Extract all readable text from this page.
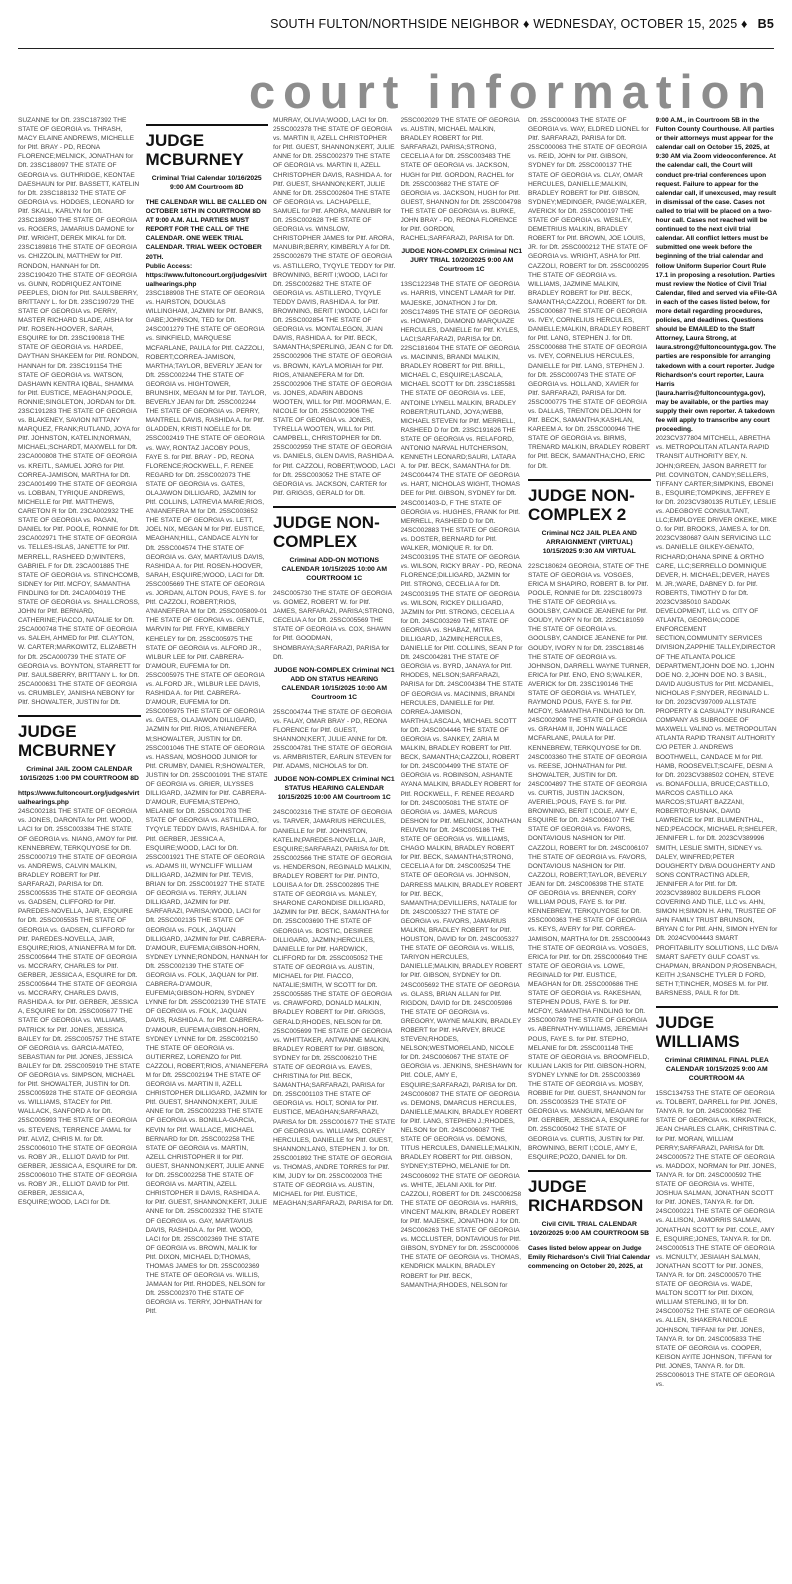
SOUTH FULTON/NORTHSIDE NEIGHBOR ♦ WEDNESDAY, OCTOBER 15, 2025 ♦ B5
court information

SUZANNE for Dft. 23SC187392 THE STATE OF GEORGIA vs. THRASH, MACY ELAINE ANDREWS, MICHELLE for Pltf. BRAY - PD, REONA FLORENCE;MELNICK, JONATHAN for Dft. 23SC188097 THE STATE OF GEORGIA vs. GUTHRIDGE, KEONTAE DAESHAUN for Pltf. BASSETT, KATELIN for Dft. 23SC188132 THE STATE OF GEORGIA vs. HODGES, LEONARD for Pltf. SKALL, KARLYN for Dft. 23SC189360 THE STATE OF GEORGIA vs. ROGERS, JAMARIUS DAMONE for Pltf. WRIGHT, DEREK MIKAL for Dft. 23SC189816 THE STATE OF GEORGIA vs. CHIZZOLIN, MATTHEW for Pltf. RONDON, HANNAH for Dft. 23SC190420 THE STATE OF GEORGIA vs. GUNN, RODRIQUEZ ANTOINE PEEPLES, DION for Pltf. SAULSBERRY, BRITTANY L. for Dft. 23SC190729 THE STATE OF GEORGIA vs. PERRY, MASTER RICHARD SLADE, AISHA for Pltf. ROSEN-HOOVER, SARAH, ESQUIRE for Dft. 23SC190818 THE STATE OF GEORGIA vs. HARDEE, DAYTHAN SHAKEEM for Pltf. RONDON, HANNAH for Dft. 23SC191154 THE STATE OF GEORGIA vs. WATSON, DASHAWN KENTRA IQBAL, SHAMMA for Pltf. EUSTICE, MEAGHAN;POOLE, RONNIE;SINGLETON, JORDAN for Dft. 23SC191283 THE STATE OF GEORGIA vs. BLAKENEY, SAVION NITTANY MARQUEZ, FRANK;RUTLAND, JOYA for Pltf. JOHNSTON, KATELIN;NORMAN, MICHAEL;SCHARDT, MAXWELL for Dft. 23CA000808 THE STATE OF GEORGIA vs. KREITL, SAMUEL JORG for Pltf. CORREA-JAMISON, MARTHA for Dft. 23CA001499 THE STATE OF GEORGIA vs. LOBBAN, TYRIQUE ANDREWS, MICHELLE for Pltf. MATTHEWS, CARETON R for Dft. 23CA002932 THE STATE OF GEORGIA vs. PAGAN, DANIEL for Pltf. POOLE, RONNIE for Dft. 23CA002971 THE STATE OF GEORGIA vs. TELLES-ISLAS, JANETTE for Pltf. MERRELL, RASHEED D;WINTERS, GABRIEL F for Dft. 23CA001885 THE STATE OF GEORGIA vs. STINCHCOMB, SIDNEY for Pltf. MCFOY, SAMANTHA FINDLING for Dft. 24CA004019 THE STATE OF GEORGIA vs. SHALLCROSS, JOHN for Pltf. BERNARD, CATHERINE;FIACCO, NATALIE for Dft. 25CA000748 THE STATE OF GEORGIA vs. SALEH, AHMED for Pltf. CLAYTON, W. CARTER;MARKOWITZ, ELIZABETH for Dft. 25CA000739 THE STATE OF GEORGIA vs. BOYNTON, STARRETT for Pltf. SAULSBERRY, BRITTANY L. for Dft. 25CA000631 THE STATE OF GEORGIA vs. CRUMBLEY, JANISHA NEBONY for Pltf. SHOWALTER, JUSTIN for Dft.

JUDGE MCBURNEY
Criminal JAIL ZOOM CALENDAR 10/15/2025 1:00 PM COURTROOM 8D

https://www.fultoncourt.org/judges/virtualhearings.php

24SC002181 THE STATE OF GEORGIA vs. JONES, DARONTA for Pltf. WOOD, LACI for Dft. 25SC003384 THE STATE OF GEORGIA vs. NIANG, AMOY for Pltf. KENNEBREW, TERKQUYOSE for Dft. 25SC000719 THE STATE OF GEORGIA vs. ANDREWS, CALVIN MALKIN, BRADLEY ROBERT for Pltf. SARFARAZI, PARISA for Dft. 25SC005535 THE STATE OF GEORGIA vs. GADSEN, CLIFFORD for Pltf. PAREDES-NOVELLA, JAIR, ESQUIRE for Dft. 25SC005535 THE STATE OF GEORGIA vs. GADSEN, CLIFFORD for Pltf. PAREDES-NOVELLA, JAIR, ESQUIRE;RIOS, A'NIANEFRA M for Dft. 25SC005644 THE STATE OF GEORGIA vs. MCCRARY, CHARLES for Pltf. GERBER, JESSICA A, ESQUIRE for Dft. 25SC005644 THE STATE OF GEORGIA vs. MCCRARY, CHARLES DAVIS, RASHIDA A. for Pltf. GERBER, JESSICA A, ESQUIRE for Dft. 25SC005677 THE STATE OF GEORGIA vs. WILLIAMS, PATRICK for Pltf. JONES, JESSICA BAILEY for Dft. 25SC005757 THE STATE OF GEORGIA vs. GARCIA-MATEO, SEBASTIAN for Pltf. JONES, JESSICA BAILEY for Dft. 25SC005919 THE STATE OF GEORGIA vs. SIMPSON, MICHAEL for Pltf. SHOWALTER, JUSTIN for Dft. 25SC005928 THE STATE OF GEORGIA vs. WILLIAMS, STACEY for Pltf. WALLACK, SANFORD A for Dft. 25SC005993 THE STATE OF GEORGIA vs. STEVENS, TERRENCE JAMAL for Pltf. ALVIZ, CHRIS M. for Dft. 25SC006010 THE STATE OF GEORGIA vs. ROBY JR., ELLIOT DAVID for Pltf. GERBER, JESSICA A, ESQUIRE for Dft. 25SC006010 THE STATE OF GEORGIA vs. ROBY JR., ELLIOT DAVID for Pltf. GERBER, JESSICA A, ESQUIRE;WOOD, LACI for Dft.

JUDGE MCBURNEY
Criminal Trial Calendar 10/16/2025 9:00 AM Courtroom 8D

THE CALENDAR WILL BE CALLED ON OCTOBER 16TH IN COURTROOM 8D AT 9:00 A.M. ALL PARTIES MUST REPORT FOR THE CALL OF THE CALENDAR. ONE WEEK TRIAL CALENDAR. TRIAL WEEK OCTOBER 20TH.

Public Access: https://www.fultoncourt.org/judges/virtualhearings.php

23SC188908 THE STATE OF GEORGIA vs. HAIRSTON, DOUGLAS WILLINGHAM, JAZMIN for Pltf. BANKS, GABE;JOHNSON, TED for Dft. 24SC001279 THE STATE OF GEORGIA vs. SINKFIELD, MARQUESE MCFARLANE, PAULA for Pltf. CAZZOLI, ROBERT;CORREA-JAMISON, MARTHA;TAYLOR, BEVERLY JEAN for Dft. 25SC002244 THE STATE OF GEORGIA vs. HIGHTOWER, BRUNSHIX, MEGAN M for Pltf. TAYLOR, BEVERLY JEAN for Dft. 25SC002244 THE STATE OF GEORGIA vs. PERRY, MANTRELL DAVIS, RASHIDA A. for Pltf. GLADDEN, KRISTI NOELLE for Dft. 25SC002419 THE STATE OF GEORGIA vs. WAY, RONTAZ JACOBY POUS, FAYE S. for Pltf. BRAY - PD, REONA FLORENCE;ROCKWELL, F. RENEE REGARD for Dft. 25SC002073 THE STATE OF GEORGIA vs. GATES, OLAJAWON DILLIGARD, JAZMIN for Pltf. COLLINS, LATREVIA MARIE;RIOS, A'NIANEFERA M for Dft. 25SC003652 THE STATE OF GEORGIA vs. LETT, JOEL NIX, MEGAN M for Pltf. EUSTICE, MEAGHAN;HILL, CANDACE ALYN for Dft. 25SC004574 THE STATE OF GEORGIA vs. GAY, MARTAVIUS DAVIS, RASHIDA A. for Pltf. ROSEN-HOOVER, SARAH, ESQUIRE;WOOD, LACI for Dft. 25SC005669 THE STATE OF GEORGIA vs. JORDAN, ALTON POUS, FAYE S. for Pltf. CAZZOLI, ROBERT;RIOS, A'NIANEFERA M for Dft. 25SC005809-01 THE STATE OF GEORGIA vs. GENTLE, MARVIN for Pltf. FRYE, KIMBERLY KEHELEY for Dft. 25SC005975 THE STATE OF GEORGIA vs. ALFORD JR., WILBUR LEE for Pltf. CABRERA-D'AMOUR, EUFEMIA for Dft. 25SC005975 THE STATE OF GEORGIA vs. ALFORD JR., WILBUR LEE DAVIS, RASHIDA A. for Pltf. CABRERA-D'AMOUR, EUFEMIA for Dft. 25SC005975 THE STATE OF GEORGIA vs. GATES, OLAJAWON DILLIGARD, JAZMIN for Pltf. RIOS, A'NIANEFERA M;SHOWALTER, JUSTIN for Dft. 25SC001046 THE STATE OF GEORGIA vs. HASSAN, MOSHOOD JUNIOR for Pltf. CRUMBY, DANIEL R;SHOWALTER, JUSTIN for Dft. 25SC001091 THE STATE OF GEORGIA vs. GRIER, ULYSSES DILLIGARD, JAZMIN for Pltf. CABRERA-D'AMOUR, EUFEMIA;STEPHO, MELANIE for Dft. 25SC001703 THE STATE OF GEORGIA vs. ASTILLERO, TYQYLE TEDDY DAVIS, RASHIDA A. for Pltf. GERBER, JESSICA A, ESQUIRE;WOOD, LACI for Dft. 25SC001921 THE STATE OF GEORGIA vs. ADAMS III, WYNCLIFF WILLIAM DILLIGARD, JAZMIN for Pltf. TEVIS, BRIAN for Dft. 25SC001927 THE STATE OF GEORGIA vs. TERRY, JULIAN DILLIGARD, JAZMIN for Pltf. SARFARAZI, PARISA;WOOD, LACI for Dft. 25SC002135 THE STATE OF GEORGIA vs. FOLK, JAQUAN DILLIGARD, JAZMIN for Pltf. CABRERA-D'AMOUR, EUFEMIA;GIBSON-HORN, SYDNEY LYNNE;RONDON, HANNAH for Dft. 25SC002139 THE STATE OF GEORGIA vs. FOLK, JAQUAN for Pltf. CABRERA-D'AMOUR, EUFEMIA;GIBSON-HORN, SYDNEY LYNNE for Dft. 25SC002139 THE STATE OF GEORGIA vs. FOLK, JAQUAN DAVIS, RASHIDA A. for Pltf. CABRERA-D'AMOUR, EUFEMIA;GIBSON-HORN, SYDNEY LYNNE for Dft. 25SC002150 THE STATE OF GEORGIA vs. GUTIERREZ, LORENZO for Pltf. CAZZOLI, ROBERT;RIOS, A'NIANEFERA M for Dft. 25SC002194 THE STATE OF GEORGIA vs. MARTIN II, AZELL CHRISTOPHER DILLIGARD, JAZMIN for Pltf. GUEST, SHANNON;KERT, JULIE ANNE for Dft. 25SC002233 THE STATE OF GEORGIA vs. BONILLA-GARCIA, KEVIN for Pltf. WALLACE, MICHAEL BERNARD for Dft. 25SC002258 THE STATE OF GEORGIA vs. MARTIN, AZELL CHRISTOPHER II for Pltf. GUEST, SHANNON;KERT, JULIE ANNE for Dft. 25SC002258 THE STATE OF GEORGIA vs. MARTIN, AZELL CHRISTOPHER II DAVIS, RASHIDA A. for Pltf. GUEST, SHANNON;KERT, JULIE ANNE for Dft. 25SC002332 THE STATE OF GEORGIA vs. GAY, MARTAVIUS DAVIS, RASHIDA A. for Pltf. WOOD, LACI for Dft. 25SC002369 THE STATE OF GEORGIA vs. BROWN, MALIK for Pltf. DIXON, MICHAEL D;THOMAS, THOMAS JAMES for Dft. 25SC002369 THE STATE OF GEORGIA vs. WILLIS, JAMAAN for Pltf. RHODES, NELSON for Dft. 25SC002370 THE STATE OF GEORGIA vs. TERRY, JOHNATHAN for Pltf.

MURRAY, OLIVIA;WOOD, LACI for Dft. 25SC002378 THE STATE OF GEORGIA vs. MARTIN II, AZELL CHRISTOPHER for Pltf. GUEST, SHANNON;KERT, JULIE ANNE for Dft. 25SC002379 THE STATE OF GEORGIA vs. MARTIN II, AZELL CHRISTOPHER DAVIS, RASHIDA A. for Pltf. GUEST, SHANNON;KERT, JULIE ANNE for Dft. 25SC002604 THE STATE OF GEORGIA vs. LACHAPELLE, SAMUEL for Pltf. ARORA, MANUBIR for Dft. 25SC002628 THE STATE OF GEORGIA vs. WINSLOW, CHRISTOPHER JAMES for Pltf. ARORA, MANUBIR;BERRY, KIMBERLY A for Dft. 25SC002679 THE STATE OF GEORGIA vs. ASTILLERO, TYQYLE TEDDY for Pltf. BROWNING, BERIT I;WOOD, LACI for Dft. 25SC002682 THE STATE OF GEORGIA vs. ASTILLERO, TYQYLE TEDDY DAVIS, RASHIDA A. for Pltf. BROWNING, BERIT I;WOOD, LACI for Dft. 25SC002854 THE STATE OF GEORGIA vs. MONTALEGON, JUAN DAVIS, RASHIDA A. for Pltf. BECK, SAMANTHA;SPERLING, JEAN C for Dft. 25SC002906 THE STATE OF GEORGIA vs. BROWN, KAYLA MORIAH for Pltf. RIOS, A'NIANEFERA M for Dft. 25SC002906 THE STATE OF GEORGIA vs. JONES, ADARIN ABDONS WOOTEN, WILL for Pltf. MOORMAN, E. NICOLE for Dft. 25SC002906 THE STATE OF GEORGIA vs. JONES, TYRELLA WOOTEN, WILL for Pltf. CAMPBELL, CHRISTOPHER for Dft. 25SC002959 THE STATE OF GEORGIA vs. DANIELS, GLEN DAVIS, RASHIDA A. for Pltf. CAZZOLI, ROBERT;WOOD, LACI for Dft. 25SC003052 THE STATE OF GEORGIA vs. JACKSON, CARTER for Pltf. GRIGGS, GERALD for Dft.

JUDGE NON-COMPLEX
Criminal ADD-ON MOTIONS CALENDAR 10/15/2025 10:00 AM COURTROOM 1C

24SC005730 THE STATE OF GEORGIA vs. GOMEZ, ROBERT W. for Pltf. JAMES, SARFARAZI, PARISA;STRONG, CECELIA A for Dft. 25SC005569 THE STATE OF GEORGIA vs. COX, SHAWN for Pltf. GOODMAN, SHOMBRAYA;SARFARAZI, PARISA for Dft.

JUDGE NON-COMPLEX Criminal NC1 ADD ON STATUS HEARING CALENDAR 10/15/2025 10:00 AM Courtroom 1C

25SC004744 THE STATE OF GEORGIA vs. FALAY, OMAR BRAY - PD, REONA FLORENCE for Pltf. GUEST, SHANNON;KERT, JULIE ANNE for Dft. 25SC004781 THE STATE OF GEORGIA vs. ARMBRISTER, EARLIN STEVEN for Pltf. ADAMS, NICHOLAS for Dft.

JUDGE NON-COMPLEX Criminal NC1 STATUS HEARING CALENDAR 10/15/2025 10:00 AM Courtroom 1C

24SC002316 THE STATE OF GEORGIA vs. TARVER, JAMARIUS HERCULES, DANIELLE for Pltf. JOHNSTON, KATELIN;PAREDES-NOVELLA, JAIR, ESQUIRE;SARFARAZI, PARISA for Dft. 25SC002566 THE STATE OF GEORGIA vs. HENDERSON, REGINALD MALKIN, BRADLEY ROBERT for Pltf. PINTO, LOUISA A for Dft. 25SC002895 THE STATE OF GEORGIA vs. MANLEY, SHARONE CARONDISE DILLIGARD, JAZMIN for Pltf. BECK, SAMANTHA for Dft. 25SC003690 THE STATE OF GEORGIA vs. BOSTIC, DESIREE DILLIGARD, JAZMIN;HERCULES, DANIELLE for Pltf. HARDWICK, CLIFFORD for Dft. 25SC005052 THE STATE OF GEORGIA vs. AUSTIN, MICHAEL for Pltf. FIACCO, NATALIE;SMITH, W SCOTT for Dft. 25SC005585 THE STATE OF GEORGIA vs. CRAWFORD, DONALD MALKIN, BRADLEY ROBERT for Pltf. GRIGGS, GERALD;RHODES, NELSON for Dft. 25SC005699 THE STATE OF GEORGIA vs. WHITTAKER, ANTWANNE MALKIN, BRADLEY ROBERT for Pltf. GIBSON, SYDNEY for Dft. 25SC006210 THE STATE OF GEORGIA vs. EAVES, CHRISTINA for Pltf. BECK, SAMANTHA;SARFARAZI, PARISA for Dft. 25SC001103 THE STATE OF GEORGIA vs. HOLT, SONIA for Pltf. EUSTICE, MEAGHAN;SARFARAZI, PARISA for Dft. 25SC001677 THE STATE OF GEORGIA vs. WILLIAMS, COREY HERCULES, DANIELLE for Pltf. GUEST, SHANNON;LANG, STEPHEN J. for Dft. 25SC001892 THE STATE OF GEORGIA vs. THOMAS, ANDRE TORRES for Pltf. KIM, JUDY for Dft. 25SC002003 THE STATE OF GEORGIA vs. AUSTIN, MICHAEL for Pltf. EUSTICE, MEAGHAN;SARFARAZI, PARISA for Dft.

25SC002029 THE STATE OF GEORGIA vs. AUSTIN, MICHAEL MALKIN, BRADLEY ROBERT for Pltf. SARFARAZI, PARISA;STRONG, CECELIA A for Dft. 25SC003483 THE STATE OF GEORGIA vs. JACKSON, HUGH for Pltf. GORDON, RACHEL for Dft. 25SC003682 THE STATE OF GEORGIA vs. JACKSON, HUGH for Pltf. GUEST, SHANNON for Dft. 25SC004798 THE STATE OF GEORGIA vs. BURKE, JOHN BRAY - PD, REONA FLORENCE for Pltf. GORDON, RACHEL;SARFARAZI, PARISA for Dft.

JUDGE NON-COMPLEX Criminal NC1 JURY TRIAL 10/20/2025 9:00 AM Courtroom 1C

13SC122348 THE STATE OF GEORGIA vs. HARRIS, VINCENT LAMAR for Pltf. MAJESKE, JONATHON J for Dft. 20SC174895 THE STATE OF GEORGIA vs. HOWARD, DIAMOND MARQUAZE HERCULES, DANIELLE for Pltf. KYLES, LACI;SARFARAZI, PARISA for Dft. 22SC181604 THE STATE OF GEORGIA vs. MACINNIS, BRANDI MALKIN, BRADLEY ROBERT for Pltf. BRILL, MICHAEL C, ESQUIRE;LASCALA, MICHAEL SCOTT for Dft. 23SC185581 THE STATE OF GEORGIA vs. LEE, ANTOINE LYNELL MALKIN, BRADLEY ROBERT;RUTLAND, JOYA;WEBB, MICHAEL STEVEN for Pltf. MERRELL, RASHEED D for Dft. 23SC191626 THE STATE OF GEORGIA vs. RELAFORD, ANTONIO NARVAL HUTCHERSON, KENNETH LEONARD;SAURI, LATARA A. for Pltf. BECK, SAMANTHA for Dft. 24SC004474 THE STATE OF GEORGIA vs. HART, NICHOLAS WIGHT, THOMAS DEE for Pltf. GIBSON, SYDNEY for Dft. 24SC001403-D, F THE STATE OF GEORGIA vs. HUGHES, FRANK for Pltf. MERRELL, RASHEED D for Dft. 24SC002883 THE STATE OF GEORGIA vs. DOSTER, BERNARD for Pltf. WALKER, MONIQUE R. for Dft. 24SC003195 THE STATE OF GEORGIA vs. WILSON, RICKY BRAY - PD, REONA FLORENCE;DILLIGARD, JAZMIN for Pltf. STRONG, CECELIA A for Dft. 24SC003195 THE STATE OF GEORGIA vs. WILSON, RICKEY DILLIGARD, JAZMIN for Pltf. STRONG, CECELIA A for Dft. 24SC003269 THE STATE OF GEORGIA vs. SHABAZ, MITRA DILLIGARD, JAZMIN;HERCULES, DANIELLE for Pltf. COLLINS, SEAN P for Dft. 24SC004281 THE STATE OF GEORGIA vs. BYRD, JANAYA for Pltf. RHODES, NELSON;SARFARAZI, PARISA for Dft. 24SC004384 THE STATE OF GEORGIA vs. MACINNIS, BRANDI HERCULES, DANIELLE for Pltf. CORREA-JAMISON, MARTHA;LASCALA, MICHAEL SCOTT for Dft. 24SC004446 THE STATE OF GEORGIA vs. SANKEY, ZARIA M MALKIN, BRADLEY ROBERT for Pltf. BECK, SAMANTHA;CAZZOLI, ROBERT for Dft. 24SC004499 THE STATE OF GEORGIA vs. ROBINSON, ASHANTE AYANA MALKIN, BRADLEY ROBERT for Pltf. ROCKWELL, F. RENEE REGARD for Dft. 24SC005081 THE STATE OF GEORGIA vs. JAMES, MARCUS DESHON for Pltf. MELNICK, JONATHAN REUVEN for Dft. 24SC005186 THE STATE OF GEORGIA vs. WILLIAMS, CHAGO MALKIN, BRADLEY ROBERT for Pltf. BECK, SAMANTHA;STRONG, CECELIA A for Dft. 24SC005254 THE STATE OF GEORGIA vs. JOHNSON, DARRESS MALKIN, BRADLEY ROBERT for Pltf. BECK, SAMANTHA;DEVILLIERS, NATALIE for Dft. 24SC005327 THE STATE OF GEORGIA vs. FAVORS, JAMARIUS MALKIN, BRADLEY ROBERT for Pltf. HOUSTON, DAVID for Dft. 24SC005327 THE STATE OF GEORGIA vs. WILLIS, TARIYON HERCULES, DANIELLE;MALKIN, BRADLEY ROBERT for Pltf. GIBSON, SYDNEY for Dft. 24SC005692 THE STATE OF GEORGIA vs. GLASS, BRIAN ALLAN for Pltf. RIGDON, DAVID for Dft. 24SC005986 THE STATE OF GEORGIA vs. GREGORY, WAYNE MALKIN, BRADLEY ROBERT for Pltf. HARVEY, BRUCE STEVEN;RHODES, NELSON;WESTMORELAND, NICOLE for Dft. 24SC006067 THE STATE OF GEORGIA vs. JENKINS, SHESHAWN for Pltf. COLE, AMY E, ESQUIRE;SARFARAZI, PARISA for Dft. 24SC006087 THE STATE OF GEORGIA vs. DEMONS, DMARCUS HERCULES, DANIELLE;MALKIN, BRADLEY ROBERT for Pltf. LANG, STEPHEN J.;RHODES, NELSON for Dft. 24SC006087 THE STATE OF GEORGIA vs. DEMONS, TITUS HERCULES, DANIELLE;MALKIN, BRADLEY ROBERT for Pltf. GIBSON, SYDNEY;STEPHO, MELANIE for Dft. 24SC006092 THE STATE OF GEORGIA vs. WHITE, JELANI AXIL for Pltf. CAZZOLI, ROBERT for Dft. 24SC006258 THE STATE OF GEORGIA vs. HARRIS, VINCENT MALKIN, BRADLEY ROBERT for Pltf. MAJESKE, JONATHON J for Dft. 24SC006263 THE STATE OF GEORGIA vs. MCCLUSTER, DONTAVIOUS for Pltf. GIBSON, SYDNEY for Dft. 25SC000006 THE STATE OF GEORGIA vs. THOMAS, KENDRICK MALKIN, BRADLEY ROBERT for Pltf. BECK, SAMANTHA;RHODES, NELSON for

Dft. 25SC000043 THE STATE OF GEORGIA vs. WAY, ELDRED LIONEL for Pltf. SARFARAZI, PARISA for Dft. 25SC000063 THE STATE OF GEORGIA vs. REID, JOHN for Pltf. GIBSON, SYDNEY for Dft. 25SC000137 THE STATE OF GEORGIA vs. CLAY, OMAR HERCULES, DANIELLE;MALKIN, BRADLEY ROBERT for Pltf. GIBSON, SYDNEY;MEDINGER, PAIGE;WALKER, AVERICK for Dft. 25SC000197 THE STATE OF GEORGIA vs. WESLEY, DEMETRIUS MALKIN, BRADLEY ROBERT for Pltf. BROWN, JOE LOUIS, JR. for Dft. 25SC000212 THE STATE OF GEORGIA vs. WRIGHT, ASHA for Pltf. CAZZOLI, ROBERT for Dft. 25SC000295 THE STATE OF GEORGIA vs. WILLIAMS, JAZMINE MALKIN, BRADLEY ROBERT for Pltf. BECK, SAMANTHA;CAZZOLI, ROBERT for Dft. 25SC000687 THE STATE OF GEORGIA vs. IVEY, CORNELIUS HERCULES, DANIELLE;MALKIN, BRADLEY ROBERT for Pltf. LANG, STEPHEN J. for Dft. 25SC000688 THE STATE OF GEORGIA vs. IVEY, CORNELIUS HERCULES, DANIELLE for Pltf. LANG, STEPHEN J. for Dft. 25SC000743 THE STATE OF GEORGIA vs. HOLLAND, XAVIER for Pltf. SARFARAZI, PARISA for Dft. 25SC000775 THE STATE OF GEORGIA vs. DALLAS, TRENTON DELJOHN for Pltf. BECK, SAMANTHA;KASHLAN, KAREEM A. for Dft. 25SC000946 THE STATE OF GEORGIA vs. BIRMS, TRENARD MALKIN, BRADLEY ROBERT for Pltf. BECK, SAMANTHA;CHO, ERIC for Dft.

JUDGE NON-COMPLEX 2
Criminal NC2 JAIL PLEA AND ARRAIGNMENT (VIRTUAL) 10/15/2025 9:30 AM VIRTUAL

22SC180624 GEORGIA, STATE OF THE STATE OF GEORGIA vs. VOSGES, ERICA M SHAPIRO, ROBERT B. for Pltf. POOLE, RONNIE for Dft. 22SC180973 THE STATE OF GEORGIA vs. GOOLSBY, CANDICE JEANENE for Pltf. GOUDY, IVORY N for Dft. 22SC181059 THE STATE OF GEORGIA vs. GOOLSBY, CANDICE JEANENE for Pltf. GOUDY, IVORY N for Dft. 23SC188146 THE STATE OF GEORGIA vs. JOHNSON, DARRELL WAYNE TURNER, ERICA for Pltf. ENO, ENO S;WALKER, AVERICK for Dft. 23SC190146 THE STATE OF GEORGIA vs. WHATLEY, RAYMOND POUS, FAYE S. for Pltf. MCFOY, SAMANTHA FINDLING for Dft. 24SC002908 THE STATE OF GEORGIA vs. GRAHAM II, JOHN WALLACE MCFARLANE, PAULA for Pltf. KENNEBREW, TERKQUYOSE for Dft. 24SC003360 THE STATE OF GEORGIA vs. REESE, JOHNATHAN for Pltf. SHOWALTER, JUSTIN for Dft. 24SC004897 THE STATE OF GEORGIA vs. CURTIS, JUSTIN JACKSON, AVERIEL;POUS, FAYE S. for Pltf. BROWNING, BERIT I;COLE, AMY E, ESQUIRE for Dft. 24SC006107 THE STATE OF GEORGIA vs. FAVORS, DONTAVIOUS NASHION for Pltf. CAZZOLI, ROBERT for Dft. 24SC006107 THE STATE OF GEORGIA vs. FAVORS, DONTAVIOUS NASHION for Pltf. CAZZOLI, ROBERT;TAYLOR, BEVERLY JEAN for Dft. 24SC006398 THE STATE OF GEORGIA vs. BRENNER, CORY WILLIAM POUS, FAYE S. for Pltf. KENNEBREW, TERKQUYOSE for Dft. 25SC000363 THE STATE OF GEORGIA vs. KEYS, AVERY for Pltf. CORREA-JAMISON, MARTHA for Dft. 25SC000443 THE STATE OF GEORGIA vs. VOSGES, ERICA for Pltf. for Dft. 25SC000649 THE STATE OF GEORGIA vs. LOWE, REGINALD for Pltf. EUSTICE, MEAGHAN for Dft. 25SC000686 THE STATE OF GEORGIA vs. RAKESHAN, STEPHEN POUS, FAYE S. for Pltf. MCFOY, SAMANTHA FINDLING for Dft. 25SC000789 THE STATE OF GEORGIA vs. ABERNATHY-WILLIAMS, JEREMIAH POUS, FAYE S. for Pltf. STEPHO, MELANIE for Dft. 25SC001148 THE STATE OF GEORGIA vs. BROOMFIELD, KULIAN LAKIS for Pltf. GIBSON-HORN, SYDNEY LYNNE for Dft. 25SC003369 THE STATE OF GEORGIA vs. MOSBY, ROBBIE for Pltf. GUEST, SHANNON for Dft. 25SC003523 THE STATE OF GEORGIA vs. MANGUIN, MEAGAN for Pltf. GERBER, JESSICA A, ESQUIRE for Dft. 25SC005042 THE STATE OF GEORGIA vs. CURTIS, JUSTIN for Pltf. BROWNING, BERIT I;COLE, AMY E, ESQUIRE;POZO, DANIEL for Dft.

JUDGE RICHARDSON
Civil CIVIL TRIAL CALENDAR 10/20/2025 9:00 AM COURTROOM 5B

Cases listed below appear on Judge Emily Richardson's Civil Trial Calendar commencing on October 20, 2025, at

9:00 A.M., in Courtroom 5B in the Fulton County Courthouse. All parties or their attorneys must appear for the calendar call on October 15, 2025, at 9:30 AM via Zoom videoconference. At the calendar call, the Court will conduct pre-trial conferences upon request. Failure to appear for the calendar call, if unexcused, may result in dismissal of the case. Cases not called to trial will be placed on a two-hour call. Cases not reached will be continued to the next civil trial calendar. All conflict letters must be submitted one week before the beginning of the trial calendar and follow Uniform Superior Court Rule 17.1 in proposing a resolution. Parties must review the Notice of Civil Trial Calendar, filed and served via eFile-GA in each of the cases listed below, for more detail regarding procedures, policies, and deadlines. Questions should be EMAILED to the Staff Attorney, Laura Strong, at laura.strong@fultoncountyga.gov. The parties are responsible for arranging takedown with a court reporter. Judge Richardson's court reporter, Laura Harris (laura.harris@fultoncountyga.gov), may be available, or the parties may supply their own reporter. A takedown fee will apply to transcribe any court proceeding.

2023CV377804 MITCHELL, ABRETHA vs. METROPOLITAN ATLANTA RAPID TRANSIT AUTHORITY BEY, N. JOHN;GREEN, JASON BARRETT for Pltf. COVINGTON, CANDY;SELLERS, TIFFANY CARTER;SIMPKINS, EBONEI B., ESQUIRE;TOMPKINS, JEFFREY E for Dft. 2023CV380135 RUTLEY, LESLIE vs. ADEGBOYE CONSULTANT, LLC;EMPLOYEE DRIVER OKEKE, MIKE O. for Pltf. BROOKS, JAMES A. for Dft. 2023CV380687 GAIN SERVICING LLC vs. DANIELLE GILKEY-GENATO, RICHARD;OHANA SPINE & ORTHO CARE, LLC;SERRELLO DOMINIQUE DEVER, H. MICHAEL;DEVER, HAYES M. JR.;WARE, DABNEY D. for Pltf. ROBERTS, TIMOTHY D for Dft. 2023CV385010 SADDAK DEVELOPMENT, LLC vs. CITY OF ATLANTA, GEORGIA;CODE ENFORCEMENT SECTION,COMMUNITY SERVICES DIVISION,ZAPPHIE TALLEY,DIRECTOR OF THE ATLANTA POLICE DEPARTMENT,JOHN DOE NO. 1,JOHN DOE NO. 2,JOHN DOE NO. 3 BASIL, DAVID AUGUSTUS for Pltf. MCDANIEL, NICHOLAS F;SNYDER, REGINALD L. for Dft. 2023CV397009 ALLSTATE PROPERTY & CASUALTY INSURANCE COMPANY AS SUBROGEE OF MAXWELL VALINO vs. METROPOLITAN ATLANTA RAPID TRANSIT AUTHORITY C/O PETER J. ANDREWS BOOTHWELL, CANDACE M for Pltf. HAMB, ROOSEVELT;SCAIFE, DESNI A for Dft. 2023CV388502 COHEN, STEVE vs. BONAFOLLIA, BRUCE;CASTILLO, MARCOS CASTILLO AKA MARCOS;STUART BAZZANI, ROBERTO;RUSNAK, DAVID LAWRENCE for Pltf. BLUMENTHAL, NED;PEACOCK, MICHAEL R;SHELFER, JENNIFER L. for Dft. 2023CV389996 SMITH, LESLIE SMITH, SIDNEY vs. DALEY, WINFRED;PETER DOUGHERTY D/B/A DOUGHERTY AND SONS CONTRACTING ADLER, JENNIFER A for Pltf. for Dft. 2023CV389802 BUILDERS FLOOR COVERING AND TILE, LLC vs. AHN, SIMON H;SIMON H. AHN, TRUSTEE OF AHN FAMILY TRUST BRUNSON, BRYAN C for Pltf. AHN, SIMON HYEN for Dft. 2024CV004443 SMART PROFITABILITY SOLUTIONS, LLC D/B/A SMART SAFETY GULF COAST vs. CHAPMAN, BRANDON P;ROSENBACH, KEITH J;SANSCHE TYLER D FORD, SETH T;TINCHER, MOSES M. for Pltf. BARSNESS, PAUL R for Dft.

JUDGE WILLIAMS
Criminal CRIMINAL FINAL PLEA CALENDAR 10/15/2025 9:00 AM COURTROOM 4A

15SC134753 THE STATE OF GEORGIA vs. TOLBERT, DARRELL for Pltf. JONES, TANYA R. for Dft. 24SC000562 THE STATE OF GEORGIA vs. KIRKPATRICK, JEAN CHARLES CLARK, CHRISTINA C. for Pltf. MORAN, WILLIAM PERRY;SARFARAZI, PARISA for Dft. 24SC000572 THE STATE OF GEORGIA vs. MADDOX, NORMAN for Pltf. JONES, TANYA R. for Dft. 24SC000592 THE STATE OF GEORGIA vs. WHITE, JOSHUA SALMAN, JONATHAN SCOTT for Pltf. JONES, TANYA R. for Dft. 24SC000221 THE STATE OF GEORGIA vs. ALLISON, JAMORRIS SALMAN, JONATHAN SCOTT for Pltf. COLE, AMY E, ESQUIRE;JONES, TANYA R. for Dft. 24SC000513 THE STATE OF GEORGIA vs. MCNULTY, JESIAIAH SALMAN, JONATHAN SCOTT for Pltf. JONES, TANYA R. for Dft. 24SC000570 THE STATE OF GEORGIA vs. WADE, MALTON SCOTT for Pltf. DIXON, WILLIAM STERLING, III for Dft. 24SC000752 THE STATE OF GEORGIA vs. ALLEN, SHAKERA NICOLE JOHNSON, TIFFANI for Pltf. JONES, TANYA R. for Dft. 24SC005833 THE STATE OF GEORGIA vs. COOPER, KEISON AYITE JOHNSON, TIFFANI for Pltf. JONES, TANYA R. for Dft. 25SC006013 THE STATE OF GEORGIA vs.
